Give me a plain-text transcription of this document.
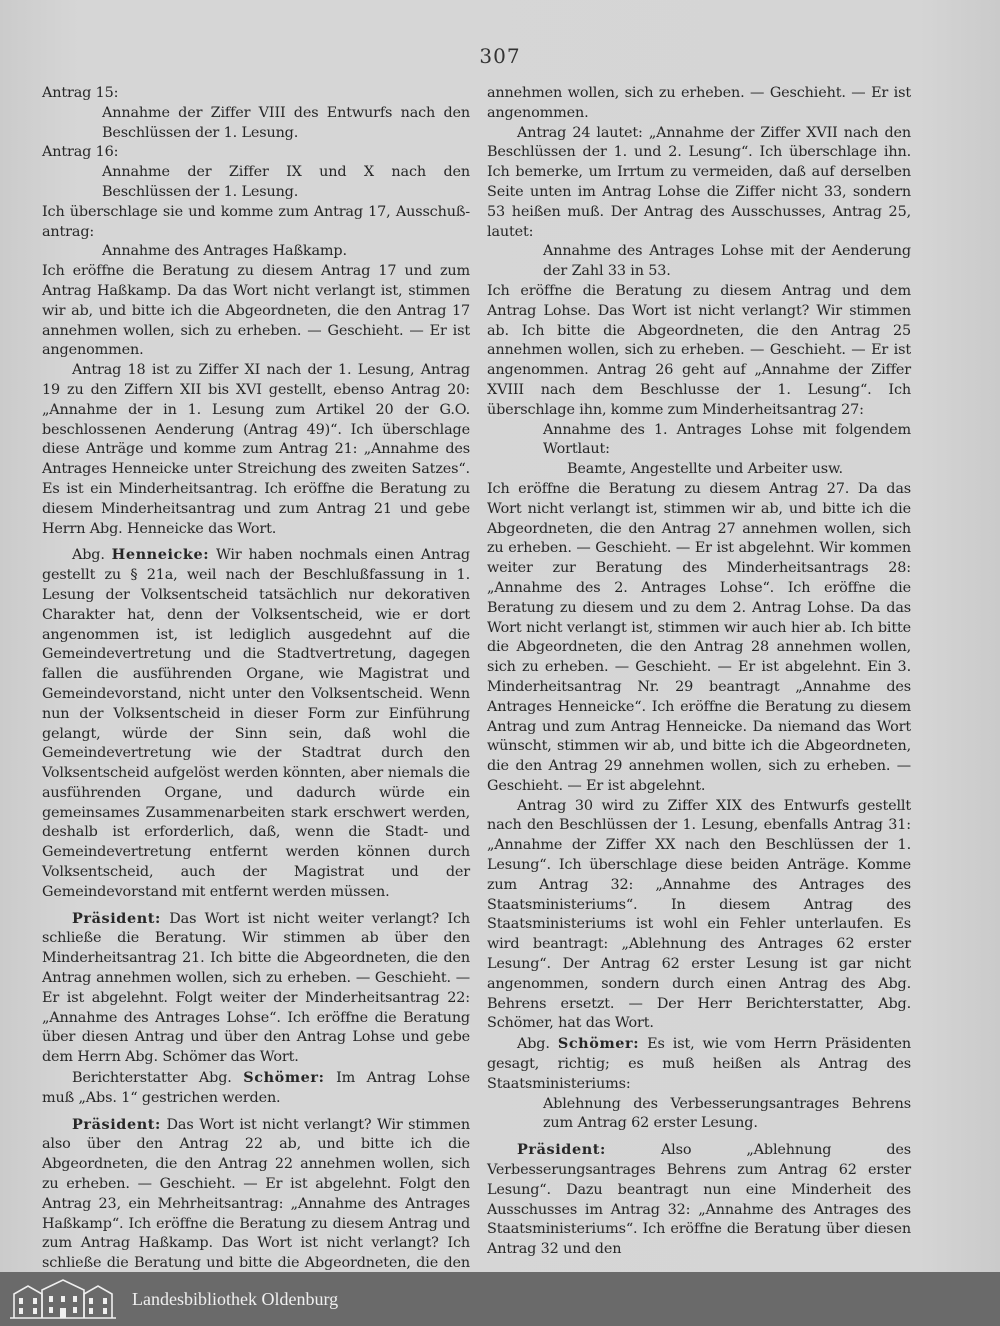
307

Antrag 15:

Annahme der Ziffer VIII des Entwurfs nach den Beschlüssen der 1. Lesung.

Antrag 16:

Annahme der Ziffer IX und X nach den Beschlüssen der 1. Lesung.

Ich überschlage sie und komme zum Antrag 17, Ausschuß-antrag:

Annahme des Antrages Haßkamp.

Ich eröffne die Beratung zu diesem Antrag 17 und zum Antrag Haßkamp. Da das Wort nicht verlangt ist, stimmen wir ab, und bitte ich die Abgeordneten, die den Antrag 17 annehmen wollen, sich zu erheben. — Geschieht. — Er ist angenommen.

Antrag 18 ist zu Ziffer XI nach der 1. Lesung, Antrag 19 zu den Ziffern XII bis XVI gestellt, ebenso Antrag 20: „Annahme der in 1. Lesung zum Artikel 20 der G.O. beschlossenen Aenderung (Antrag 49)“. Ich überschlage diese Anträge und komme zum Antrag 21: „Annahme des Antrages Henneicke unter Streichung des zweiten Satzes“. Es ist ein Minderheitsantrag. Ich eröffne die Beratung zu diesem Minderheitsantrag und zum Antrag 21 und gebe Herrn Abg. Henneicke das Wort.

Abg. Henneicke: Wir haben nochmals einen Antrag gestellt zu § 21a, weil nach der Beschlußfassung in 1. Lesung der Volksentscheid tatsächlich nur dekorativen Charakter hat, denn der Volksentscheid, wie er dort angenommen ist, ist lediglich ausgedehnt auf die Gemeindevertretung und die Stadtvertretung, dagegen fallen die ausführenden Organe, wie Magistrat und Gemeindevorstand, nicht unter den Volksentscheid. Wenn nun der Volksentscheid in dieser Form zur Einführung gelangt, würde der Sinn sein, daß wohl die Gemeindevertretung wie der Stadtrat durch den Volksentscheid aufgelöst werden könnten, aber niemals die ausführenden Organe, und dadurch würde ein gemeinsames Zusammenarbeiten stark erschwert werden, deshalb ist erforderlich, daß, wenn die Stadt- und Gemeindevertretung entfernt werden können durch Volksentscheid, auch der Magistrat und der Gemeindevorstand mit entfernt werden müssen.

Präsident: Das Wort ist nicht weiter verlangt? Ich schließe die Beratung. Wir stimmen ab über den Minderheitsantrag 21. Ich bitte die Abgeordneten, die den Antrag annehmen wollen, sich zu erheben. — Geschieht. — Er ist abgelehnt. Folgt weiter der Minderheitsantrag 22: „Annahme des Antrages Lohse“. Ich eröffne die Beratung über diesen Antrag und über den Antrag Lohse und gebe dem Herrn Abg. Schömer das Wort.

Berichterstatter Abg. Schömer: Im Antrag Lohse muß „Abs. 1“ gestrichen werden.

Präsident: Das Wort ist nicht verlangt? Wir stimmen also über den Antrag 22 ab, und bitte ich die Abgeordneten, die den Antrag 22 annehmen wollen, sich zu erheben. — Geschieht. — Er ist abgelehnt. Folgt den Antrag 23, ein Mehrheitsantrag: „Annahme des Antrages Haßkamp“. Ich eröffne die Beratung zu diesem Antrag und zum Antrag Haßkamp. Das Wort ist nicht verlangt? Ich schließe die Beratung und bitte die Abgeordneten, die den

annehmen wollen, sich zu erheben. — Geschieht. — Er ist angenommen.

Antrag 24 lautet: „Annahme der Ziffer XVII nach den Beschlüssen der 1. und 2. Lesung“. Ich überschlage ihn. Ich bemerke, um Irrtum zu vermeiden, daß auf derselben Seite unten im Antrag Lohse die Ziffer nicht 33, sondern 53 heißen muß. Der Antrag des Ausschusses, Antrag 25, lautet:

Annahme des Antrages Lohse mit der Aenderung der Zahl 33 in 53.

Ich eröffne die Beratung zu diesem Antrag und dem Antrag Lohse. Das Wort ist nicht verlangt? Wir stimmen ab. Ich bitte die Abgeordneten, die den Antrag 25 annehmen wollen, sich zu erheben. — Geschieht. — Er ist angenommen. Antrag 26 geht auf „Annahme der Ziffer XVIII nach dem Beschlusse der 1. Lesung“. Ich überschlage ihn, komme zum Minderheitsantrag 27:

Annahme des 1. Antrages Lohse mit folgendem Wortlaut:

Beamte, Angestellte und Arbeiter usw.

Ich eröffne die Beratung zu diesem Antrag 27. Da das Wort nicht verlangt ist, stimmen wir ab, und bitte ich die Abgeordneten, die den Antrag 27 annehmen wollen, sich zu erheben. — Geschieht. — Er ist abgelehnt. Wir kommen weiter zur Beratung des Minderheitsantrags 28: „Annahme des 2. Antrages Lohse“. Ich eröffne die Beratung zu diesem und zu dem 2. Antrag Lohse. Da das Wort nicht verlangt ist, stimmen wir auch hier ab. Ich bitte die Abgeordneten, die den Antrag 28 annehmen wollen, sich zu erheben. — Geschieht. — Er ist abgelehnt. Ein 3. Minderheitsantrag Nr. 29 beantragt „Annahme des Antrages Henneicke“. Ich eröffne die Beratung zu diesem Antrag und zum Antrag Henneicke. Da niemand das Wort wünscht, stimmen wir ab, und bitte ich die Abgeordneten, die den Antrag 29 annehmen wollen, sich zu erheben. — Geschieht. — Er ist abgelehnt.

Antrag 30 wird zu Ziffer XIX des Entwurfs gestellt nach den Beschlüssen der 1. Lesung, ebenfalls Antrag 31: „Annahme der Ziffer XX nach den Beschlüssen der 1. Lesung“. Ich überschlage diese beiden Anträge. Komme zum Antrag 32: „Annahme des Antrages des Staatsministeriums“. In diesem Antrag des Staatsministeriums ist wohl ein Fehler unterlaufen. Es wird beantragt: „Ablehnung des Antrages 62 erster Lesung“. Der Antrag 62 erster Lesung ist gar nicht angenommen, sondern durch einen Antrag des Abg. Behrens ersetzt. — Der Herr Berichterstatter, Abg. Schömer, hat das Wort.

Abg. Schömer: Es ist, wie vom Herrn Präsidenten gesagt, richtig; es muß heißen als Antrag des Staatsministeriums:

Ablehnung des Verbesserungsantrages Behrens zum Antrag 62 erster Lesung.

Präsident:	Also „Ablehnung des Verbesserungsantrages Behrens zum Antrag 62 erster Lesung“. Dazu beantragt nun eine Minderheit des Ausschusses im Antrag 32: „Annahme des Antrages des Staatsministeriums“. Ich eröffne die Beratung über diesen Antrag 32 und den

Landesbibliothek Oldenburg
